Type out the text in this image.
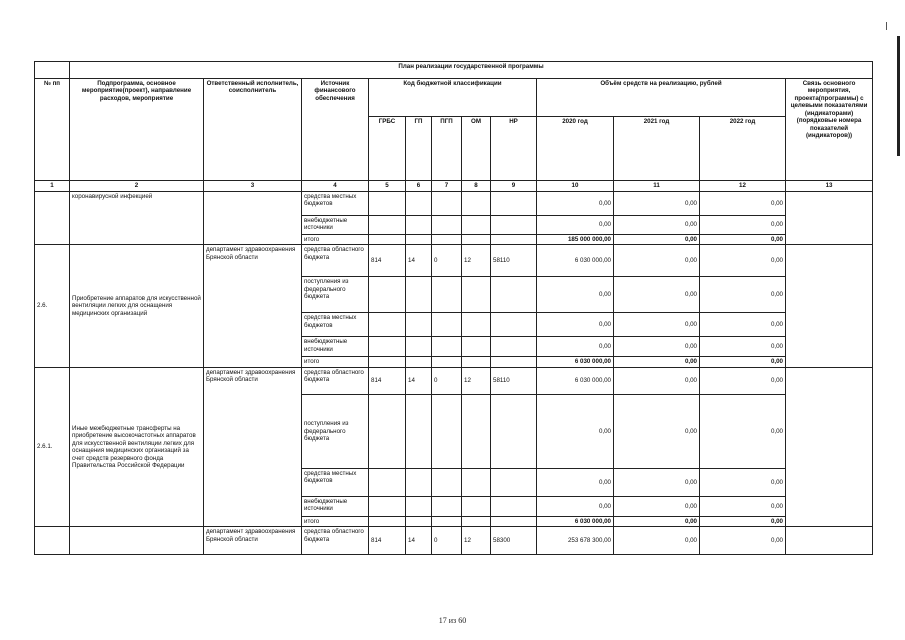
	План реализации государственной программы											
№ пп	Подпрограмма, основное мероприятие(проект), направление расходов, мероприятие	Ответственный исполнитель, соисполнитель	Источник финансового обеспечения	Код бюджетной классификации					Объём средств на реализацию, рублей			Связь основного мероприятия, проекта(программы) с целевыми показателями (индикаторами) (порядковые номера показателей (индикаторов))
				ГРБС	ГП	ПГП	ОМ	НР	2020 год	2021 год	2022 год	
1	2	3	4	5	6	7	8	9	10	11	12	13
	коронавирусной инфекцией		средства местных бюджетов						0,00	0,00	0,00	
			внебюджетные источники						0,00	0,00	0,00	
			итого						185 000 000,00	0,00	0,00	
2.6.	Приобретение аппаратов для искусственной вентиляции легких для оснащения медицинских организаций	департамент здравоохранения Брянской области	средства областного бюджета	814	14	0	12	58110	6 030 000,00	0,00	0,00	
			поступления из федерального бюджета						0,00	0,00	0,00	
			средства местных бюджетов						0,00	0,00	0,00	
			внебюджетные источники						0,00	0,00	0,00	
			итого						6 030 000,00	0,00	0,00	
2.6.1.	Иные межбюджетные трансферты на приобретение высокочастотных аппаратов для искусственной вентиляции легких для оснащения медицинских организаций за счет средств резервного фонда Правительства Российской Федерации	департамент здравоохранения Брянской области	средства областного бюджета	814	14	0	12	58110	6 030 000,00	0,00	0,00	
			поступления из федерального бюджета						0,00	0,00	0,00	
			средства местных бюджетов						0,00	0,00	0,00	
			внебюджетные источники						0,00	0,00	0,00	
			итого						6 030 000,00	0,00	0,00	
		департамент здравоохранения Брянской области	средства областного бюджета	814	14	0	12	58300	253 678 300,00	0,00	0,00	
17 из 60
